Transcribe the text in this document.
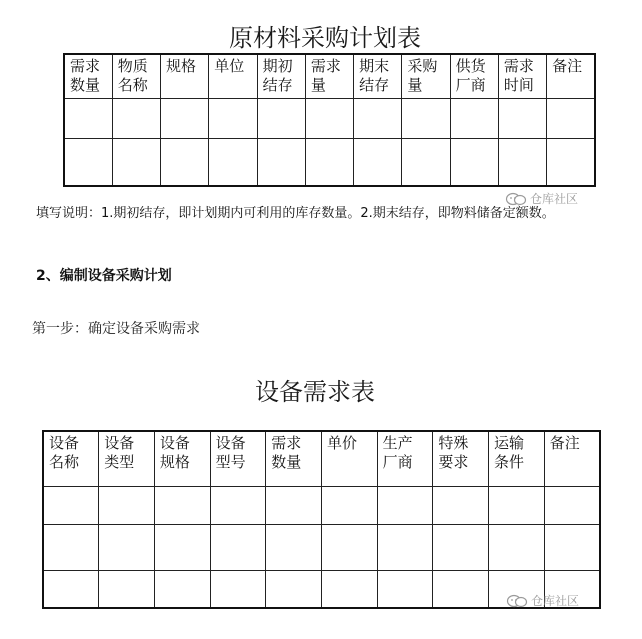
原材料采购计划表
需求数量	物质名称	规格	单位	期初结存	需求量	期末结存	采购量	供货厂商	需求时间	备注

仓库社区
填写说明：1.期初结存，即计划期内可利用的库存数量。2.期末结存，即物料储备定额数。
2、编制设备采购计划
第一步：确定设备采购需求
设备需求表
设备名称	设备类型	设备规格	设备型号	需求数量	单价	生产厂商	特殊要求	运输条件	备注

仓库社区
